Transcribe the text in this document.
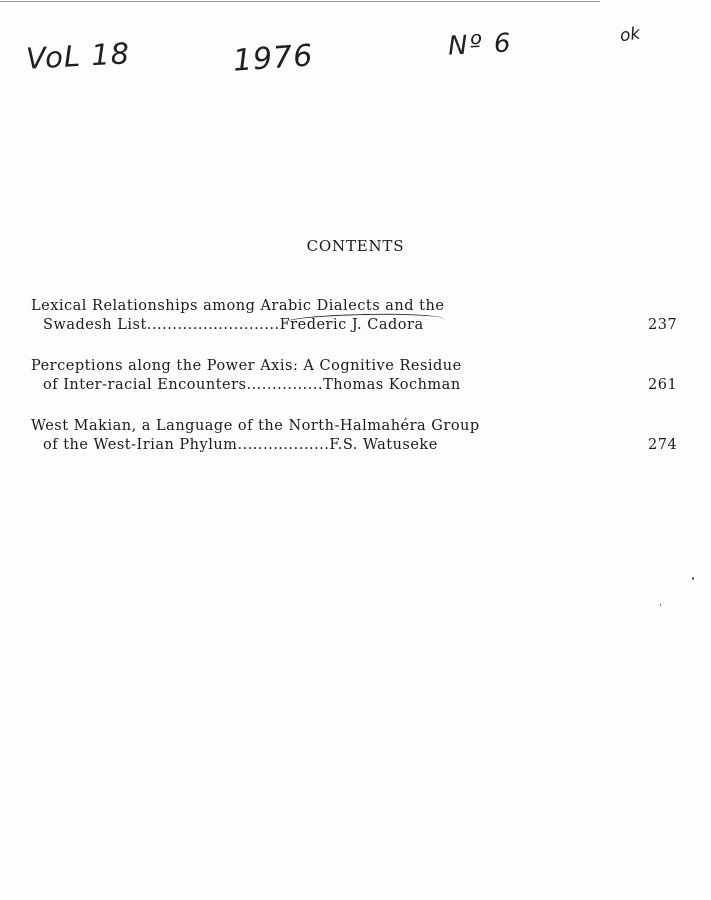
VoL 18	1976	Nº 6	ok
CONTENTS
Lexical Relationships among Arabic Dialects and the
Swadesh List .......................... Frederic J. Cadora	237
Perceptions along the Power Axis: A Cognitive Residue
of Inter-racial Encounters ............... Thomas Kochman	261
West Makian, a Language of the North-Halmahéra Group
of the West-Irian Phylum .................. F.S. Watuseke	274
